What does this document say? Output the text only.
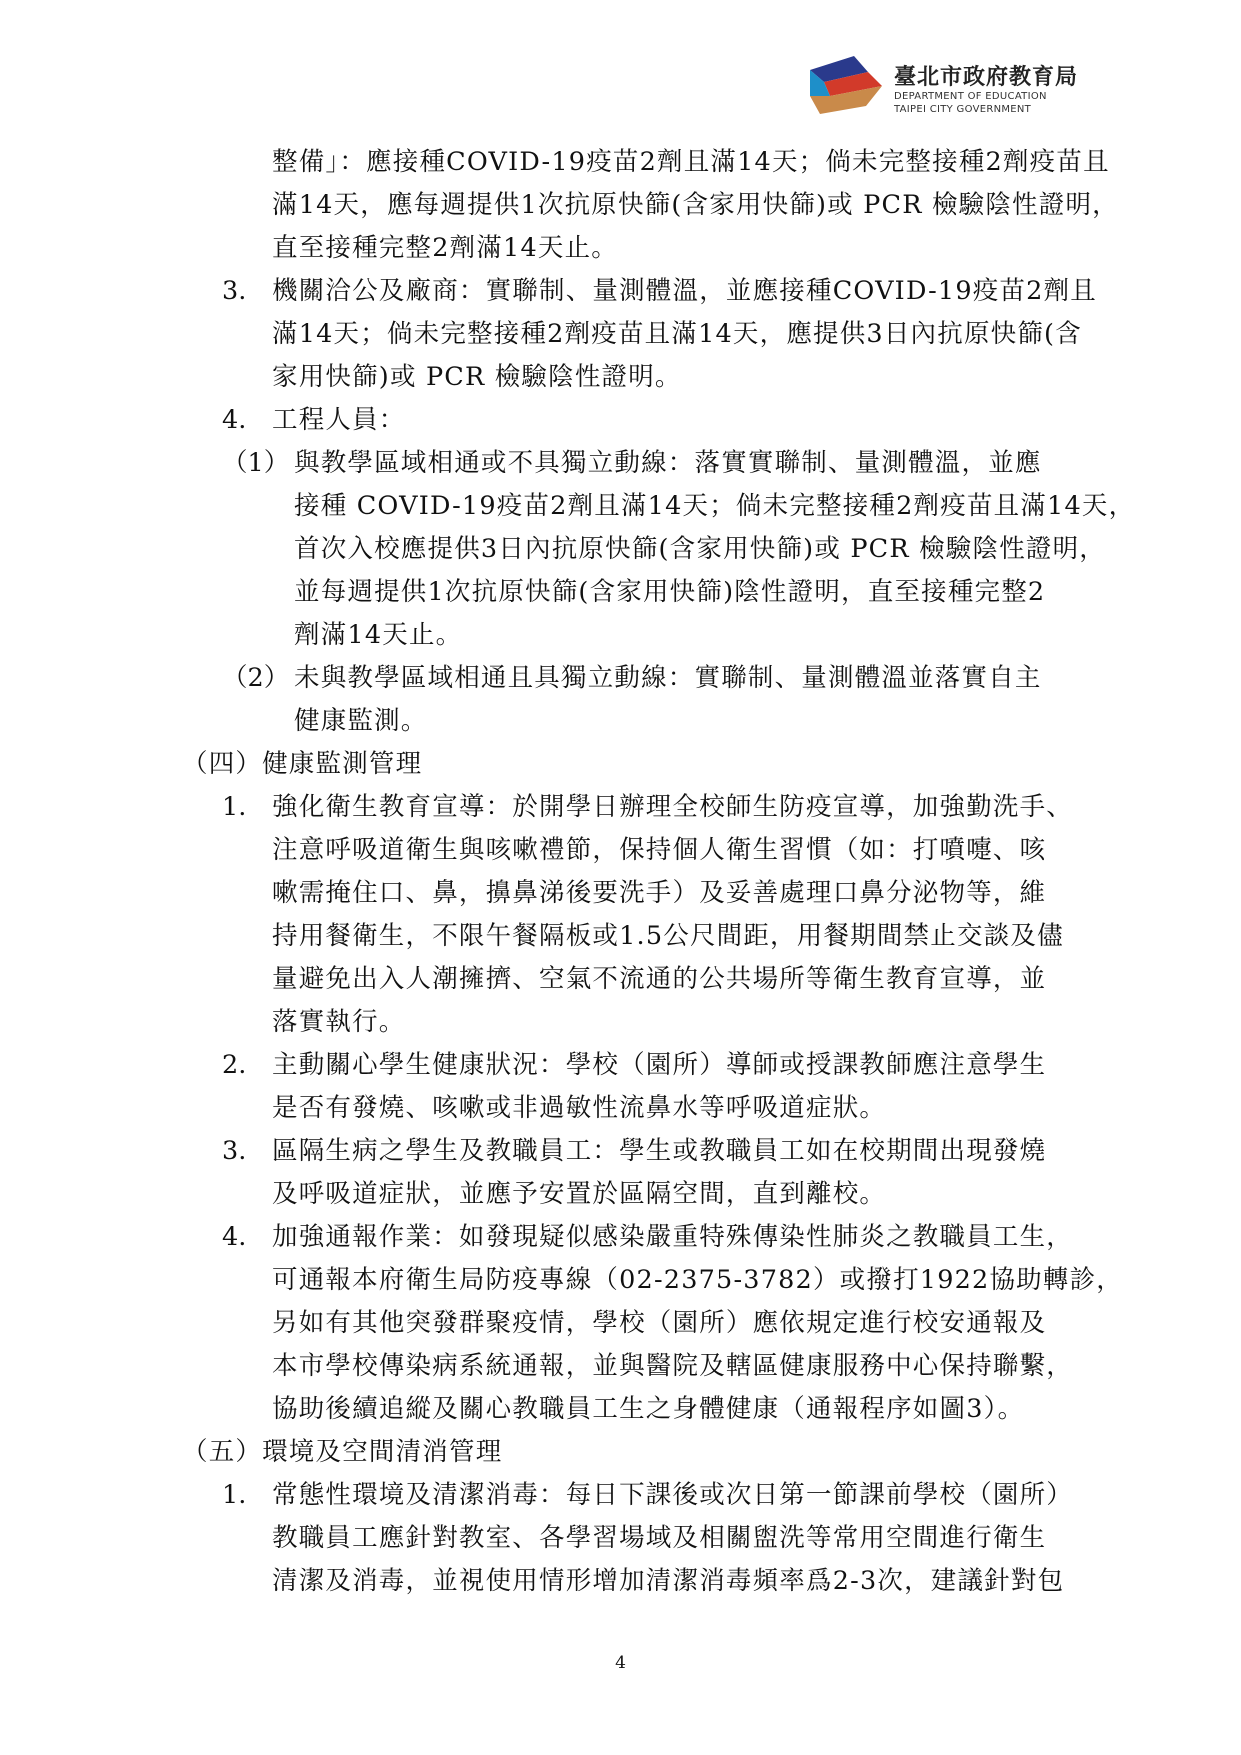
臺北市政府教育局
DEPARTMENT OF EDUCATION
TAIPEI CITY GOVERNMENT
整備」：應接種COVID-19疫苗2劑且滿14天；倘未完整接種2劑疫苗且
滿14天，應每週提供1次抗原快篩(含家用快篩)或 PCR 檢驗陰性證明，
直至接種完整2劑滿14天止。
3. 機關洽公及廠商：實聯制、量測體溫，並應接種COVID-19疫苗2劑且
滿14天；倘未完整接種2劑疫苗且滿14天，應提供3日內抗原快篩(含
家用快篩)或 PCR 檢驗陰性證明。
4. 工程人員：
（1） 與教學區域相通或不具獨立動線：落實實聯制、量測體溫，並應
接種 COVID-19疫苗2劑且滿14天；倘未完整接種2劑疫苗且滿14天，
首次入校應提供3日內抗原快篩(含家用快篩)或 PCR 檢驗陰性證明，
並每週提供1次抗原快篩(含家用快篩)陰性證明，直至接種完整2
劑滿14天止。
（2） 未與教學區域相通且具獨立動線：實聯制、量測體溫並落實自主
健康監測。
（四）健康監測管理
1. 強化衛生教育宣導：於開學日辦理全校師生防疫宣導，加強勤洗手、
注意呼吸道衛生與咳嗽禮節，保持個人衛生習慣（如：打噴嚏、咳
嗽需掩住口、鼻，擤鼻涕後要洗手）及妥善處理口鼻分泌物等，維
持用餐衛生，不限午餐隔板或1.5公尺間距，用餐期間禁止交談及儘
量避免出入人潮擁擠、空氣不流通的公共場所等衛生教育宣導，並
落實執行。
2. 主動關心學生健康狀況：學校（園所）導師或授課教師應注意學生
是否有發燒、咳嗽或非過敏性流鼻水等呼吸道症狀。
3. 區隔生病之學生及教職員工：學生或教職員工如在校期間出現發燒
及呼吸道症狀，並應予安置於區隔空間，直到離校。
4. 加強通報作業：如發現疑似感染嚴重特殊傳染性肺炎之教職員工生，
可通報本府衛生局防疫專線（02-2375-3782）或撥打1922協助轉診，
另如有其他突發群聚疫情，學校（園所）應依規定進行校安通報及
本市學校傳染病系統通報，並與醫院及轄區健康服務中心保持聯繫，
協助後續追縱及關心教職員工生之身體健康（通報程序如圖3）。
（五）環境及空間清消管理
1. 常態性環境及清潔消毒：每日下課後或次日第一節課前學校（園所）
教職員工應針對教室、各學習場域及相關盥洗等常用空間進行衛生
清潔及消毒，並視使用情形增加清潔消毒頻率爲2-3次，建議針對包
4
